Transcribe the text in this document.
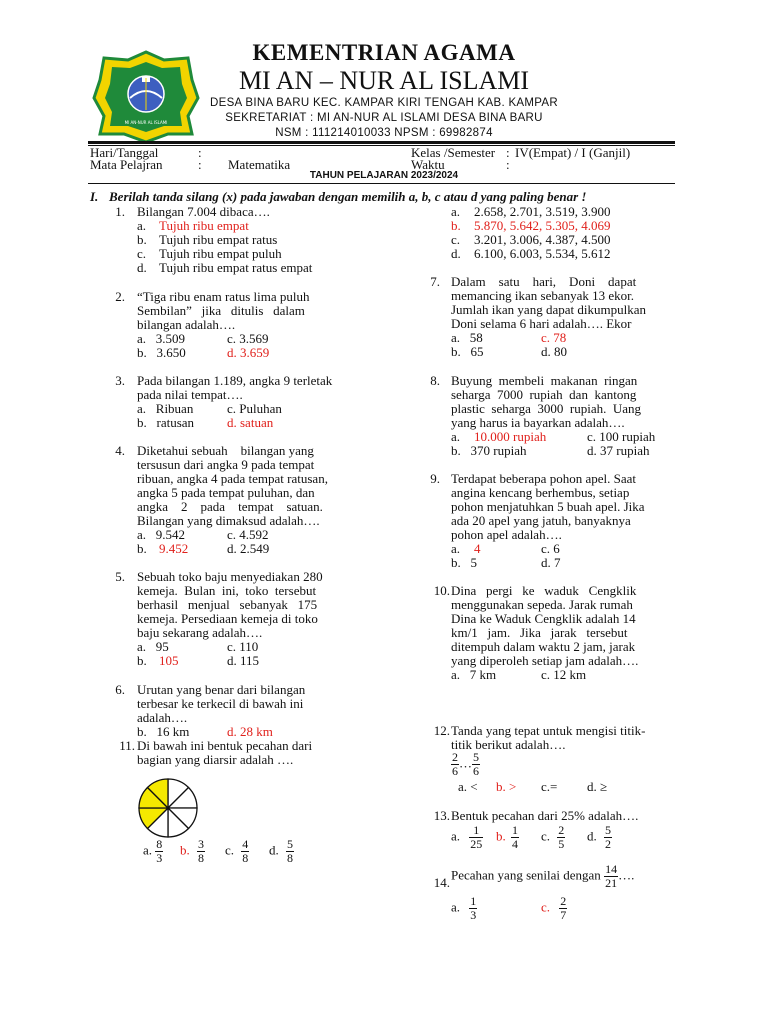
MI AN-NUR AL ISLAMI
KEMENTRIAN AGAMA
MI AN – NUR AL ISLAMI
DESA BINA BARU KEC. KAMPAR KIRI TENGAH KAB. KAMPAR
SEKRETARIAT : MI AN-NUR AL ISLAMI DESA BINA BARU
NSM : 111214010033 NPSM : 69982874
Hari/Tanggal	:
Mata Pelajran	: Matematika
Kelas /Semester : IV(Empat) / I (Ganjil)
Waktu	:
TAHUN PELAJARAN 2023/2024
I. Berilah tanda silang (x) pada jawaban dengan memilih a, b, c atau d yang paling benar !
1. Bilangan 7.004 dibaca….
a. Tujuh ribu empat
b. Tujuh ribu empat ratus
c. Tujuh ribu empat puluh
d. Tujuh ribu empat ratus empat
2. “Tiga ribu enam ratus lima puluh
Sembilan”   jika   ditulis   dalam
bilangan adalah….
a.   3.509	c. 3.569
b.   3.650	d. 3.659
3. Pada bilangan 1.189, angka 9 terletak
pada nilai tempat….
a.   Ribuan	c. Puluhan
b.   ratusan	d. satuan
4. Diketahui sebuah    bilangan yang
tersusun dari angka 9 pada tempat
ribuan, angka 4 pada tempat ratusan,
angka 5 pada tempat puluhan, dan
angka    2    pada    tempat    satuan.
Bilangan yang dimaksud adalah….
a.   9.542	c. 4.592
b. 9.452	d. 2.549
5. Sebuah toko baju menyediakan 280
kemeja.  Bulan  ini,  toko  tersebut
berhasil   menjual   sebanyak   175
kemeja. Persediaan kemeja di toko
baju sekarang adalah….
a.   95	c. 110
b. 105	d. 115
6. Urutan yang benar dari bilangan
terbesar ke terkecil di bawah ini
adalah….
b.   16 km	d. 28 km
11. Di bawah ini bentuk pecahan dari
bagian yang diarsir adalah ….
a. $\frac{8}{3} b$. $\frac{3}{8} c$. $\frac{4}{8} d$. $\frac{5}{8}$
a. 2.658, 2.701, 3.519, 3.900
b. 5.870, 5.642, 5.305, 4.069
c. 3.201, 3.006, 4.387, 4.500
d. 6.100, 6.003, 5.534, 5.612
7. Dalam    satu    hari,    Doni    dapat
memancing ikan sebanyak 13 ekor.
Jumlah ikan yang dapat dikumpulkan
Doni selama 6 hari adalah…. Ekor
a.   58	c. 78
b.   65	d. 80
8. Buyung  membeli  makanan  ringan
seharga  7000  rupiah  dan  kantong
plastic  seharga  3000  rupiah.  Uang
yang harus ia bayarkan adalah….
a. 10.000 rupiah	c. 100 rupiah
b.   370 rupiah	d. 37 rupiah
9. Terdapat beberapa pohon apel. Saat
angina kencang berhembus, setiap
pohon menjatuhkan 5 buah apel. Jika
ada 20 apel yang jatuh, banyaknya
pohon apel adalah….
a. 4	c. 6
b.   5	d. 7
10. Dina   pergi   ke   waduk   Cengklik
menggunakan sepeda. Jarak rumah
Dina ke Waduk Cengklik adalah 14
km/1   jam.   Jika   jarak   tersebut
ditempuh dalam waktu 2 jam, jarak
yang diperoleh setiap jam adalah….
a.   7 km	c. 12 km
12. Tanda yang tepat untuk mengisi titik-
titik berikut adalah….
$\frac{2}{6}$ … $\frac{5}{6}$
a. < b. > c.= d. ≥
13. Bentuk pecahan dari 25% adalah….
a. $\frac{1}{25} b$. $\frac{1}{4} c$. $\frac{2}{5} d$. $\frac{5}{2}$
14.
Pecahan yang senilai dengan $\frac{14}{21}$ ….
a. $\frac{1}{3}$	c. $\frac{2}{7}$
